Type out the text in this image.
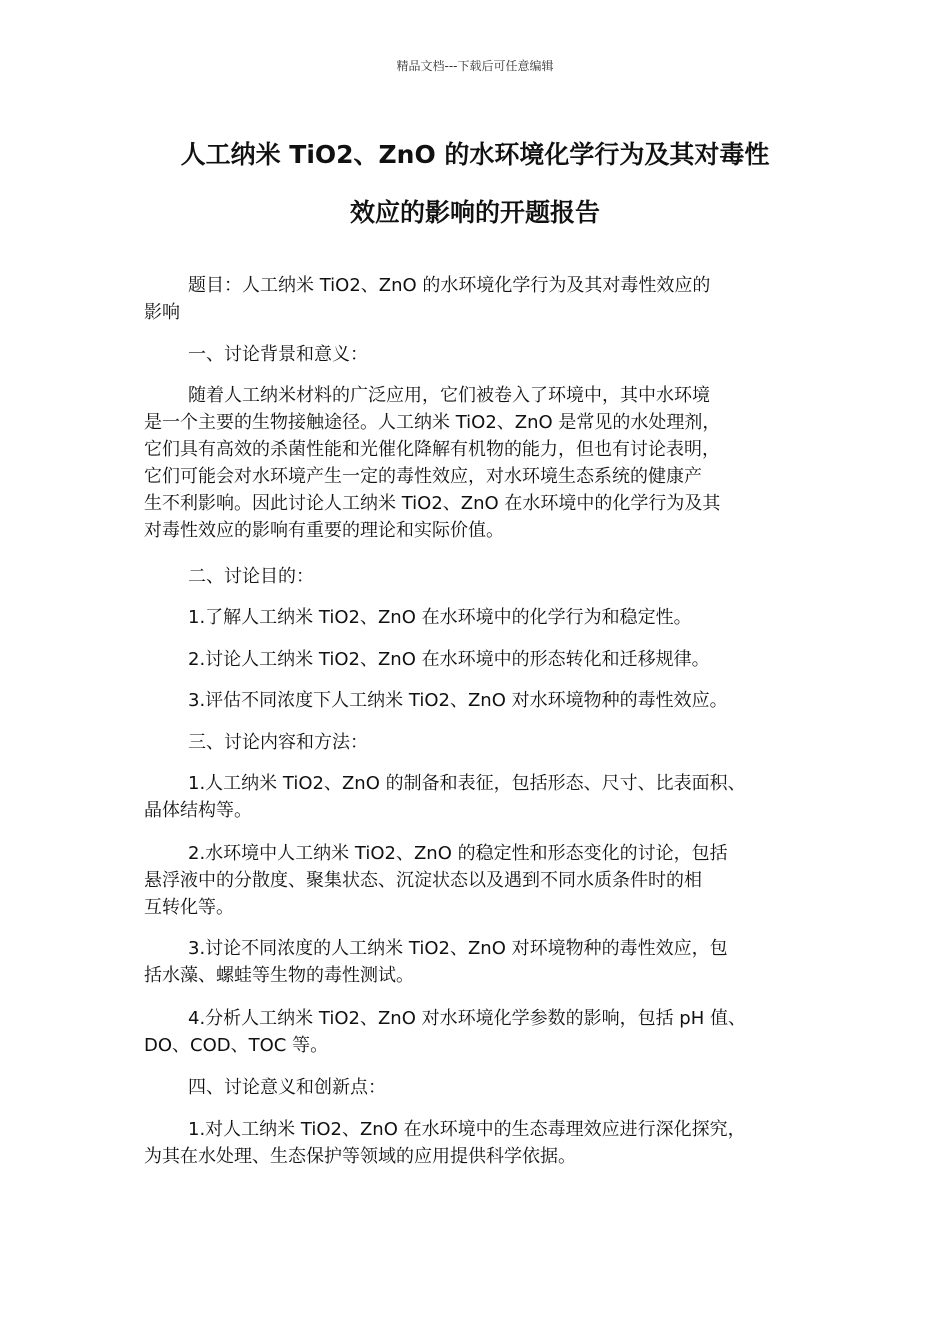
精品文档---下载后可任意编辑
人工纳米 TiO2、ZnO 的水环境化学行为及其对毒性
效应的影响的开题报告
题目：人工纳米 TiO2、ZnO 的水环境化学行为及其对毒性效应的
影响
一、讨论背景和意义：
随着人工纳米材料的广泛应用，它们被卷入了环境中，其中水环境
是一个主要的生物接触途径。人工纳米 TiO2、ZnO 是常见的水处理剂，
它们具有高效的杀菌性能和光催化降解有机物的能力，但也有讨论表明，
它们可能会对水环境产生一定的毒性效应，对水环境生态系统的健康产
生不利影响。因此讨论人工纳米 TiO2、ZnO 在水环境中的化学行为及其
对毒性效应的影响有重要的理论和实际价值。
二、讨论目的：
1.了解人工纳米 TiO2、ZnO 在水环境中的化学行为和稳定性。
2.讨论人工纳米 TiO2、ZnO 在水环境中的形态转化和迁移规律。
3.评估不同浓度下人工纳米 TiO2、ZnO 对水环境物种的毒性效应。
三、讨论内容和方法：
1.人工纳米 TiO2、ZnO 的制备和表征，包括形态、尺寸、比表面积、
晶体结构等。
2.水环境中人工纳米 TiO2、ZnO 的稳定性和形态变化的讨论，包括
悬浮液中的分散度、聚集状态、沉淀状态以及遇到不同水质条件时的相
互转化等。
3.讨论不同浓度的人工纳米 TiO2、ZnO 对环境物种的毒性效应，包
括水藻、螺蛙等生物的毒性测试。
4.分析人工纳米 TiO2、ZnO 对水环境化学参数的影响，包括 pH 值、
DO、COD、TOC 等。
四、讨论意义和创新点：
1.对人工纳米 TiO2、ZnO 在水环境中的生态毒理效应进行深化探究，
为其在水处理、生态保护等领域的应用提供科学依据。
